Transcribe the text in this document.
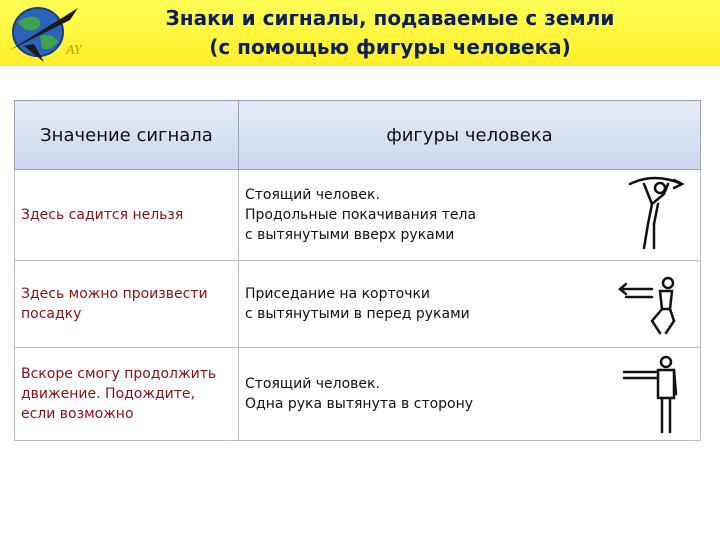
AY
Знаки и сигналы, подаваемые с земли
(с помощью фигуры человека)
Значение сигнала	фигуры человека

Здесь садится нельзя	Стоящий человек.
Продольные покачивания тела
с вытянутыми вверх руками

Здесь можно произвести
посадку	Приседание на корточки
с вытянутыми в перед руками

Вскоре смогу продолжить
движение. Подождите,
если возможно	Стоящий человек.
Одна рука вытянута в сторону
